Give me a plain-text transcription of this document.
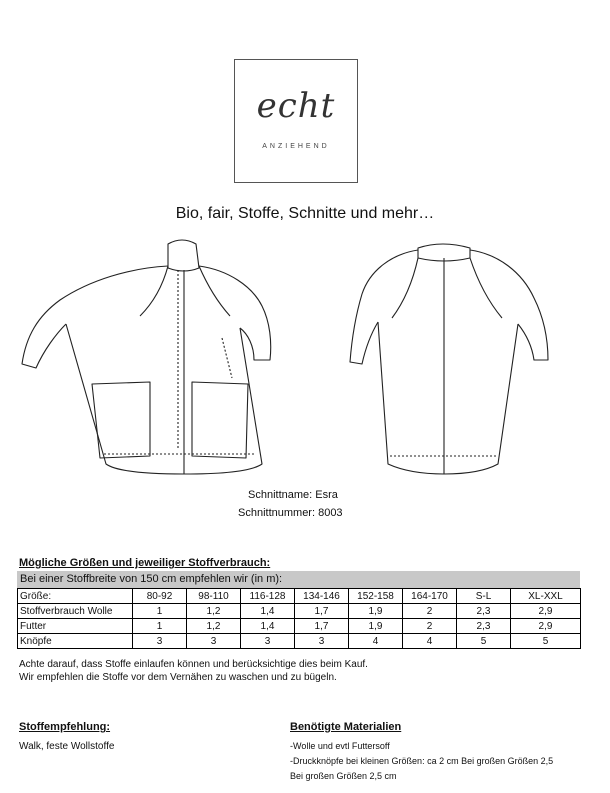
echt
ANZIEHEND
Bio, fair, Stoffe, Schnitte und mehr…
Schnittname: Esra
Schnittnummer: 8003
Mögliche Größen und jeweiliger Stoffverbrauch:
Bei einer Stoffbreite von 150 cm empfehlen wir (in m):
Größe:	80-92	98-110	116-128	134-146	152-158	164-170	S-L	XL-XXL
Stoffverbrauch Wolle	1	1,2	1,4	1,7	1,9	2	2,3	2,9
Futter	1	1,2	1,4	1,7	1,9	2	2,3	2,9
Knöpfe	3	3	3	3	4	4	5	5
Achte darauf, dass Stoffe einlaufen können und berücksichtige dies beim Kauf.
Wir empfehlen die Stoffe vor dem Vernähen zu waschen und zu bügeln.
Stoffempfehlung:
Walk, feste Wollstoffe
Benötigte Materialien
-Wolle und evtl Futtersoff
-Druckknöpfe bei kleinen Größen: ca 2 cm Bei großen Größen 2,5
Bei großen Größen 2,5 cm
